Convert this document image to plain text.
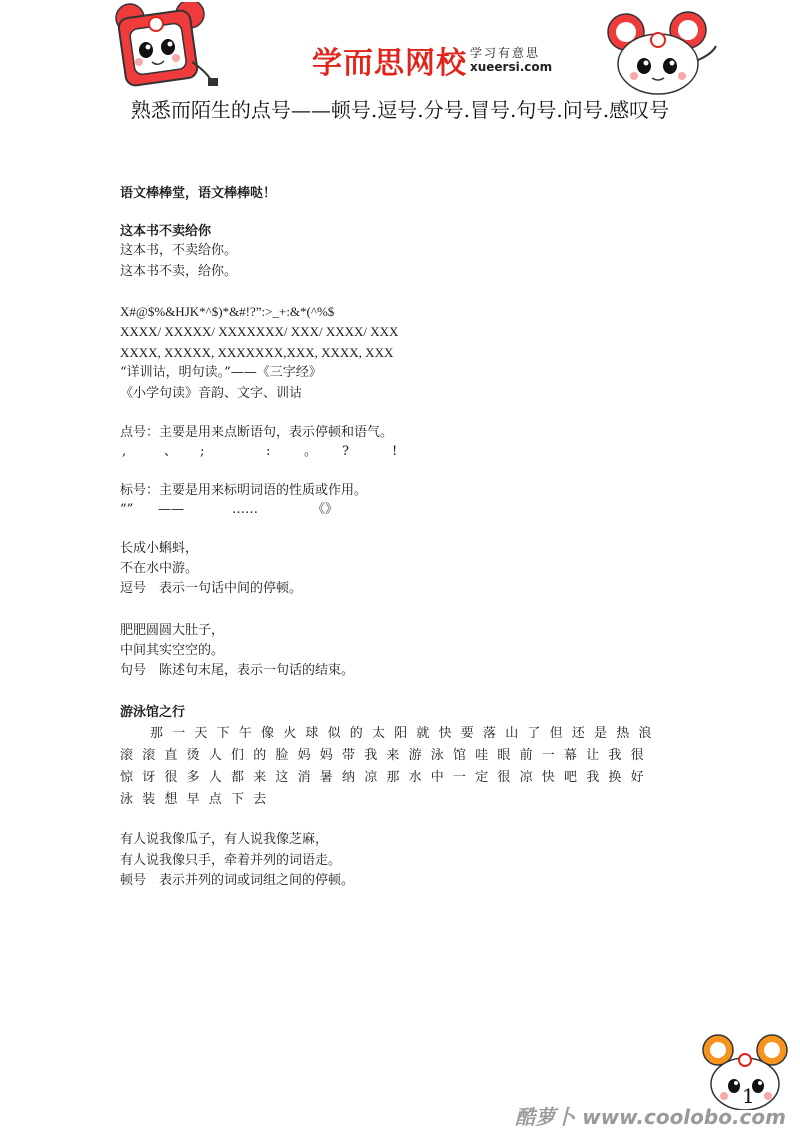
学而思网校 学习有意思
xueersi.com
熟悉而陌生的点号——顿号.逗号.分号.冒号.句号.问号.感叹号
语文棒棒堂，语文棒棒哒！
这本书不卖给你
这本书，不卖给你。
这本书不卖，给你。
X#@$%&HJK*^$)*&#!?”:>_+:&*(^%$
XXXX/ XXXXX/ XXXXXXX/ XXX/ XXXX/ XXX
XXXX, XXXXX, XXXXXXX,XXX, XXXX, XXX
“详训诂，明句读。”——《三字经》
《小学句读》音韵、文字、训诂
点号：主要是用来点断语句，表示停顿和语气。
,	、 ;	:	。 ?	!
标号：主要是用来标明词语的性质或作用。
“” ——	……	《》
长成小蝌蚪，
不在水中游。
逗号　表示一句话中间的停顿。
肥肥圆圆大肚子，
中间其实空空的。
句号　陈述句末尾，表示一句话的结束。
游泳馆之行
那一天下午像火球似的太阳就快要落山了但还是热浪滚滚直烫人们的脸妈妈带我来游泳馆哇眼前一幕让我很惊讶很多人都来这消暑纳凉那水中一定很凉快吧我换好泳装想早点下去
有人说我像瓜子，有人说我像芝麻，
有人说我像只手，牵着并列的词语走。
顿号　表示并列的词或词组之间的停顿。
1
酷萝卜 www.coolobo.com
